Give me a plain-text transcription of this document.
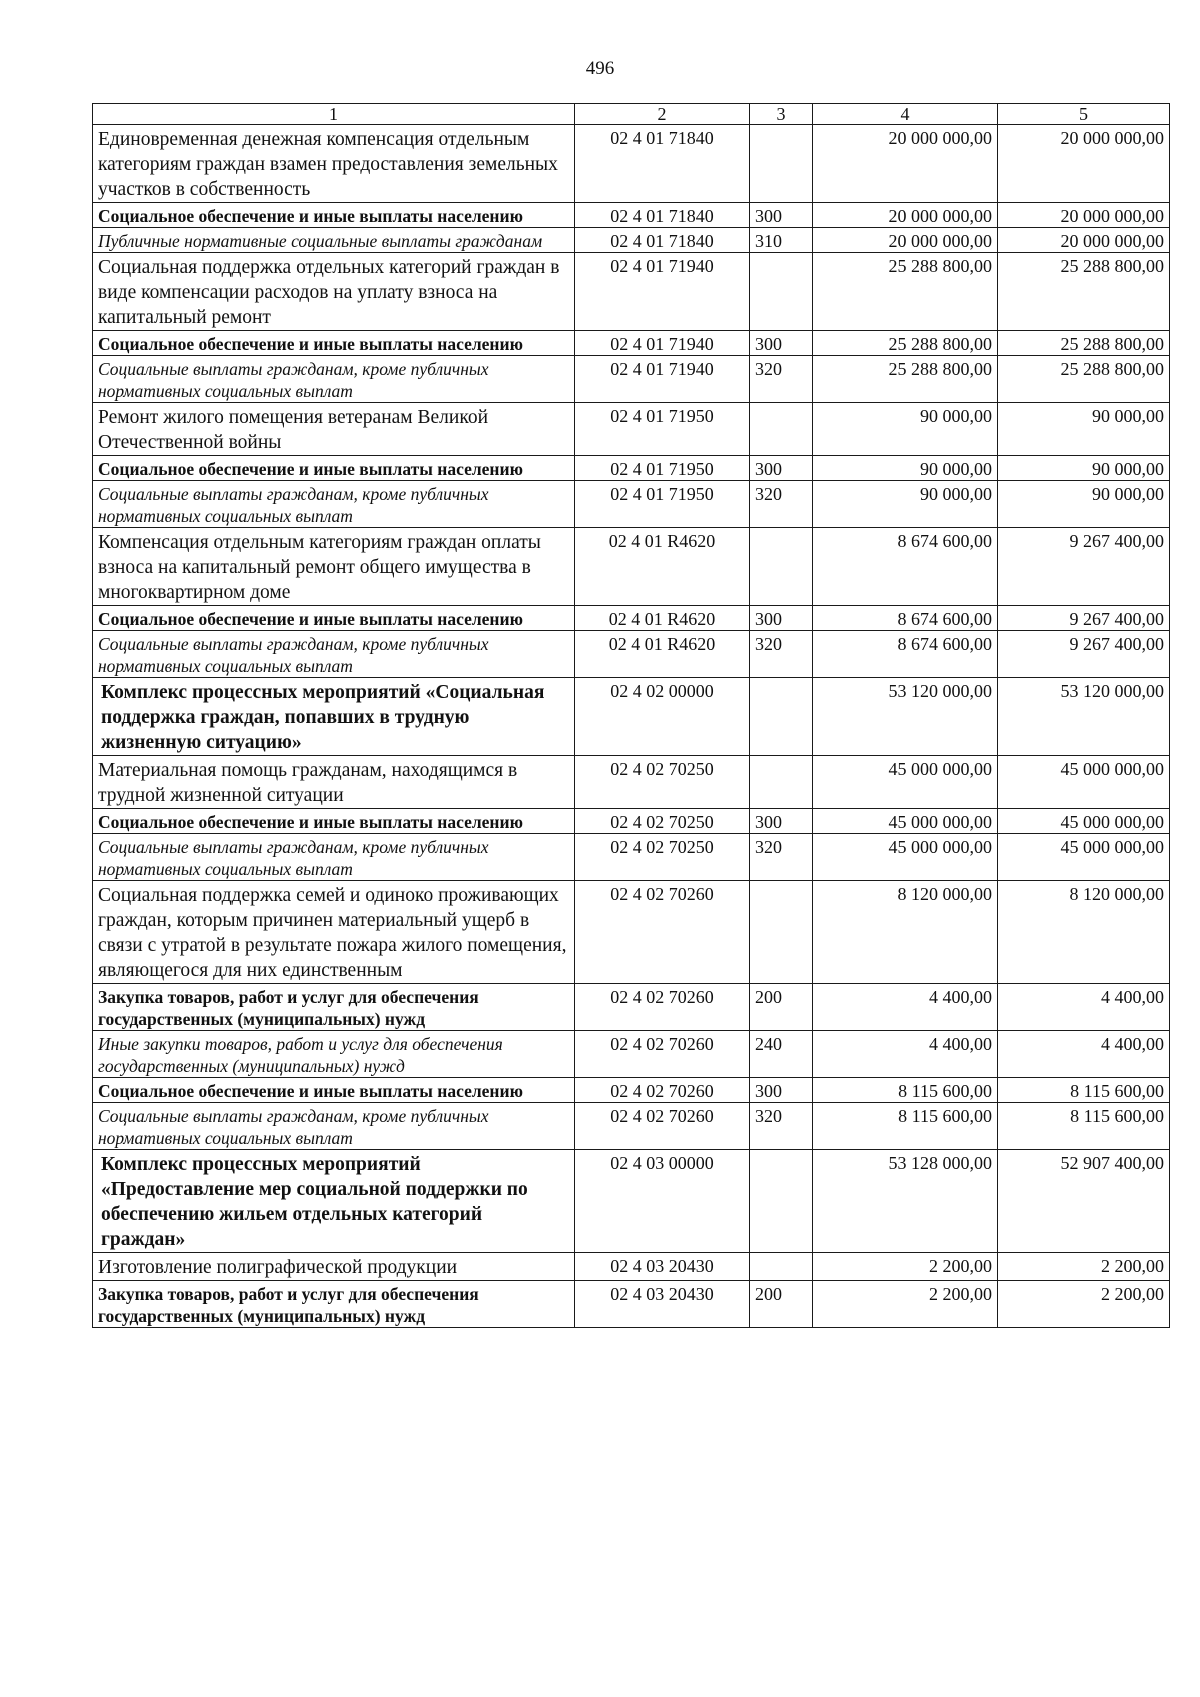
496
1	2	3	4	5
Единовременная денежная компенсация отдельным категориям граждан взамен предоставления земельных участков в собственность	02 4 01 71840		20 000 000,00	20 000 000,00
Социальное обеспечение и иные выплаты населению	02 4 01 71840	300	20 000 000,00	20 000 000,00
Публичные нормативные социальные выплаты гражданам	02 4 01 71840	310	20 000 000,00	20 000 000,00
Социальная поддержка отдельных категорий граждан в виде компенсации расходов на уплату взноса на капитальный ремонт	02 4 01 71940		25 288 800,00	25 288 800,00
Социальное обеспечение и иные выплаты населению	02 4 01 71940	300	25 288 800,00	25 288 800,00
Социальные выплаты гражданам, кроме публичных нормативных социальных выплат	02 4 01 71940	320	25 288 800,00	25 288 800,00
Ремонт жилого помещения ветеранам Великой Отечественной войны	02 4 01 71950		90 000,00	90 000,00
Социальное обеспечение и иные выплаты населению	02 4 01 71950	300	90 000,00	90 000,00
Социальные выплаты гражданам, кроме публичных нормативных социальных выплат	02 4 01 71950	320	90 000,00	90 000,00
Компенсация отдельным категориям граждан оплаты взноса на капитальный ремонт общего имущества в многоквартирном доме	02 4 01 R4620		8 674 600,00	9 267 400,00
Социальное обеспечение и иные выплаты населению	02 4 01 R4620	300	8 674 600,00	9 267 400,00
Социальные выплаты гражданам, кроме публичных нормативных социальных выплат	02 4 01 R4620	320	8 674 600,00	9 267 400,00
Комплекс процессных мероприятий «Социальная поддержка граждан, попавших в трудную жизненную ситуацию»	02 4 02 00000		53 120 000,00	53 120 000,00
Материальная помощь гражданам, находящимся в трудной жизненной ситуации	02 4 02 70250		45 000 000,00	45 000 000,00
Социальное обеспечение и иные выплаты населению	02 4 02 70250	300	45 000 000,00	45 000 000,00
Социальные выплаты гражданам, кроме публичных нормативных социальных выплат	02 4 02 70250	320	45 000 000,00	45 000 000,00
Социальная поддержка семей и одиноко проживающих граждан, которым причинен материальный ущерб в связи с утратой в результате пожара жилого помещения, являющегося для них единственным	02 4 02 70260		8 120 000,00	8 120 000,00
Закупка товаров, работ и услуг для обеспечения государственных (муниципальных) нужд	02 4 02 70260	200	4 400,00	4 400,00
Иные закупки товаров, работ и услуг для обеспечения государственных (муниципальных) нужд	02 4 02 70260	240	4 400,00	4 400,00
Социальное обеспечение и иные выплаты населению	02 4 02 70260	300	8 115 600,00	8 115 600,00
Социальные выплаты гражданам, кроме публичных нормативных социальных выплат	02 4 02 70260	320	8 115 600,00	8 115 600,00
Комплекс процессных мероприятий «Предоставление мер социальной поддержки по обеспечению жильем отдельных категорий граждан»	02 4 03 00000		53 128 000,00	52 907 400,00
Изготовление полиграфической продукции	02 4 03 20430		2 200,00	2 200,00
Закупка товаров, работ и услуг для обеспечения государственных (муниципальных) нужд	02 4 03 20430	200	2 200,00	2 200,00
